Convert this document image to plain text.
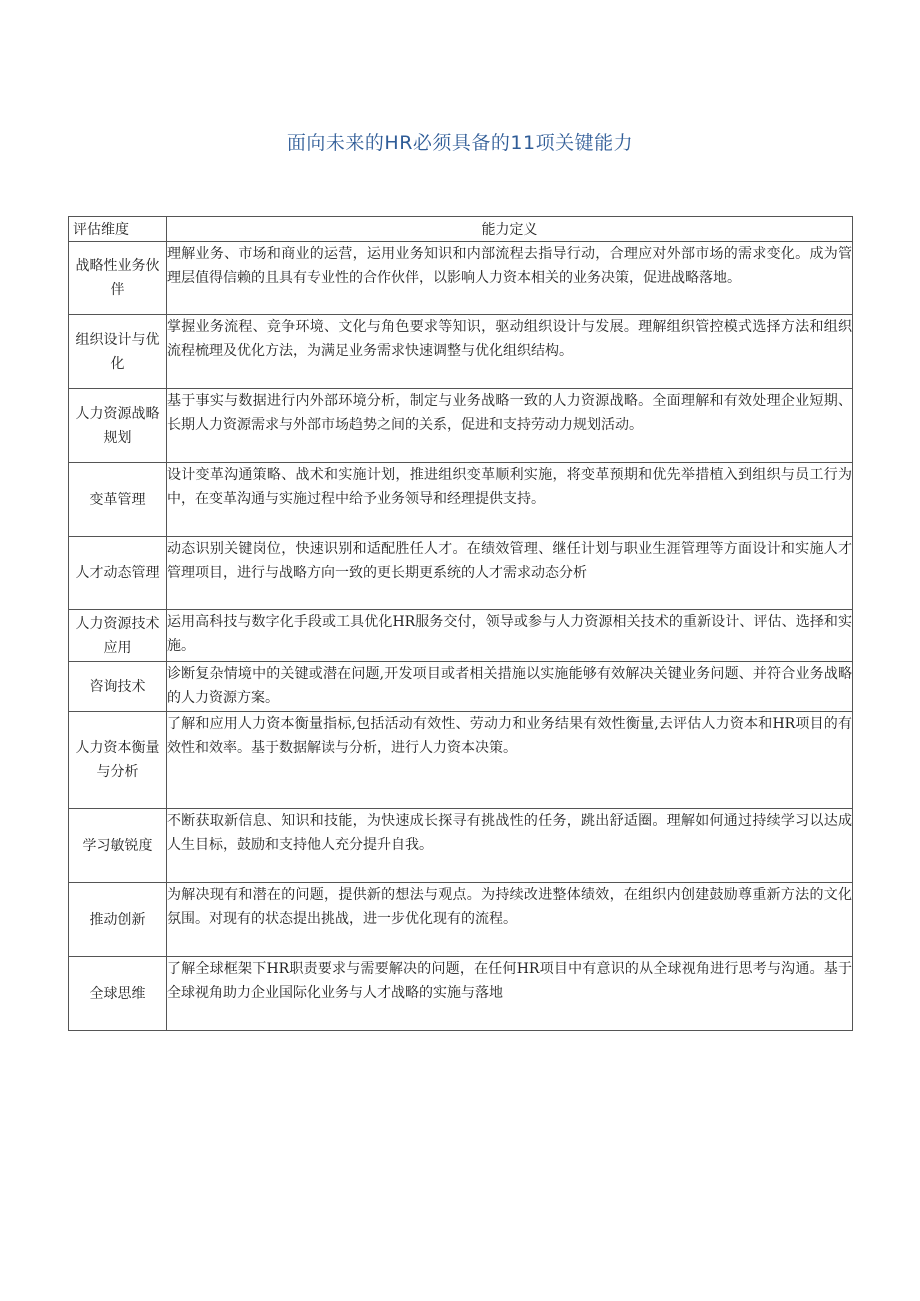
面向未来的HR必须具备的11项关键能力
评估维度	能力定义
战略性业务伙伴	理解业务、市场和商业的运营，运用业务知识和内部流程去指导行动，合理应对外部市场的需求变化。成为管理层值得信赖的且具有专业性的合作伙伴，以影响人力资本相关的业务决策，促进战略落地。
组织设计与优化	掌握业务流程、竞争环境、文化与角色要求等知识，驱动组织设计与发展。理解组织管控模式选择方法和组织流程梳理及优化方法，为满足业务需求快速调整与优化组织结构。
人力资源战略规划	基于事实与数据进行内外部环境分析，制定与业务战略一致的人力资源战略。全面理解和有效处理企业短期、长期人力资源需求与外部市场趋势之间的关系，促进和支持劳动力规划活动。
变革管理	设计变革沟通策略、战术和实施计划，推进组织变革顺利实施，将变革预期和优先举措植入到组织与员工行为中，在变革沟通与实施过程中给予业务领导和经理提供支持。
人才动态管理	动态识别关键岗位，快速识别和适配胜任人才。在绩效管理、继任计划与职业生涯管理等方面设计和实施人才管理项目，进行与战略方向一致的更长期更系统的人才需求动态分析
人力资源技术应用	运用高科技与数字化手段或工具优化HR服务交付，领导或参与人力资源相关技术的重新设计、评估、选择和实施。
咨询技术	诊断复杂情境中的关键或潜在问题,开发项目或者相关措施以实施能够有效解决关键业务问题、并符合业务战略的人力资源方案。
人力资本衡量与分析	了解和应用人力资本衡量指标,包括活动有效性、劳动力和业务结果有效性衡量,去评估人力资本和HR项目的有效性和效率。基于数据解读与分析，进行人力资本决策。
学习敏锐度	不断获取新信息、知识和技能，为快速成长探寻有挑战性的任务，跳出舒适圈。理解如何通过持续学习以达成人生目标，鼓励和支持他人充分提升自我。
推动创新	为解决现有和潜在的问题，提供新的想法与观点。为持续改进整体绩效，在组织内创建鼓励尊重新方法的文化氛围。对现有的状态提出挑战，进一步优化现有的流程。
全球思维	了解全球框架下HR职责要求与需要解决的问题，在任何HR项目中有意识的从全球视角进行思考与沟通。基于全球视角助力企业国际化业务与人才战略的实施与落地
